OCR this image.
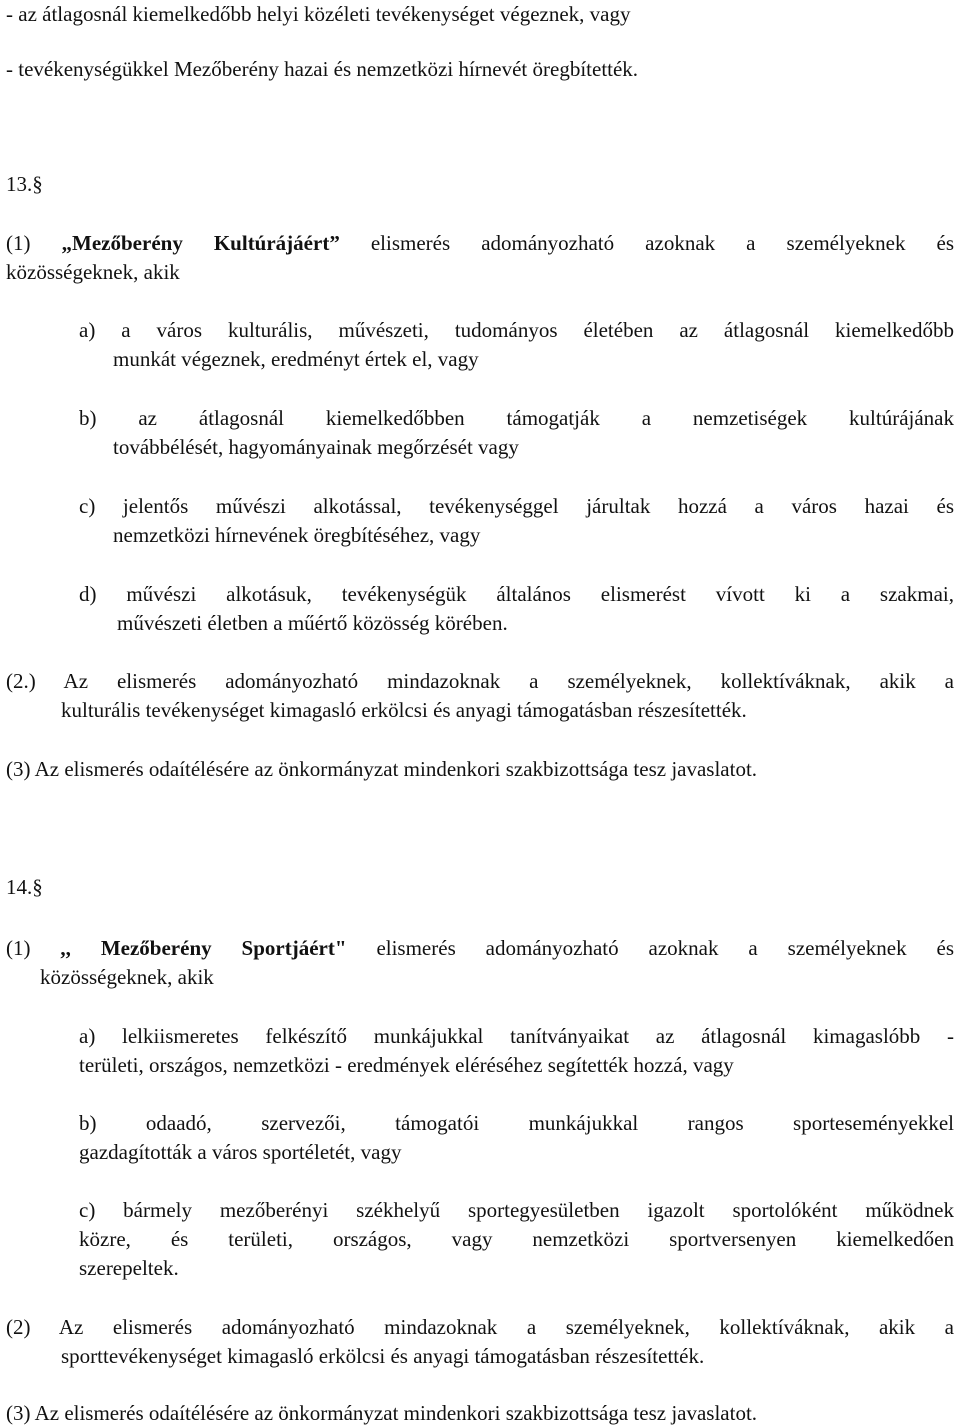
- az átlagosnál kiemelkedőbb helyi közéleti tevékenységet végeznek, vagy
- tevékenységükkel Mezőberény hazai és nemzetközi hírnevét öregbítették.
13.§
(1) „Mezőberény Kultúrájáért” elismerés adományozható azoknak a személyeknek és
közösségeknek, akik
a) a város kulturális, művészeti, tudományos életében az átlagosnál kiemelkedőbb
munkát végeznek, eredményt értek el, vagy
b) az átlagosnál kiemelkedőbben támogatják a nemzetiségek kultúrájának
továbbélését, hagyományainak megőrzését vagy
c) jelentős művészi alkotással, tevékenységgel járultak hozzá a város hazai és
nemzetközi hírnevének öregbítéséhez, vagy
d) művészi alkotásuk, tevékenységük általános elismerést vívott ki a szakmai,
művészeti életben a műértő közösség körében.
(2.) Az elismerés adományozható mindazoknak a személyeknek, kollektíváknak, akik a
kulturális tevékenységet kimagasló erkölcsi és anyagi támogatásban részesítették.
(3) Az elismerés odaítélésére az önkormányzat mindenkori szakbizottsága tesz javaslatot.
14.§
(1) ,, Mezőberény Sportjáért" elismerés adományozható azoknak a személyeknek és
közösségeknek, akik
a) lelkiismeretes felkészítő munkájukkal tanítványaikat az átlagosnál kimagaslóbb -
területi, országos, nemzetközi - eredmények eléréséhez segítették hozzá, vagy
b) odaadó, szervezői, támogatói munkájukkal rangos sporteseményekkel
gazdagították a város sportéletét, vagy
c) bármely mezőberényi székhelyű sportegyesületben igazolt sportolóként működnek
közre, és területi, országos, vagy nemzetközi sportversenyen kiemelkedően
szerepeltek.
(2) Az elismerés adományozható mindazoknak a személyeknek, kollektíváknak, akik a
sporttevékenységet kimagasló erkölcsi és anyagi támogatásban részesítették.
(3) Az elismerés odaítélésére az önkormányzat mindenkori szakbizottsága tesz javaslatot.
